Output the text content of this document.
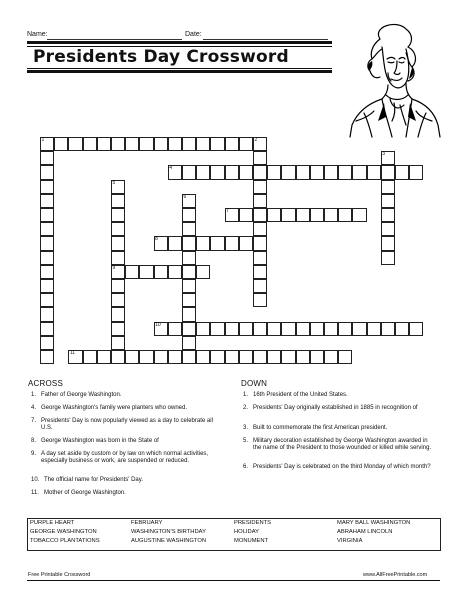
Name:	Date:
Presidents Day Crossword
1	2
3
4
5
6
7
8
9
10
11
ACROSS
1. Father of George Washington.
4. George Washington's family were planters who owned.
7. Presidents' Day is now popularly viewed as a day to celebrate all U.S.
8. George Washington was born in the State of
9. A day set aside by custom or by law on which normal activities, especially business or work, are suspended or reduced.
10. The official name for Presidents' Day.
11. Mother of George Washington.
DOWN
1. 16th President of the United States.
2. Presidents' Day originally established in 1885 in recognition of
3. Built to commemorate the first American president.
5. Military decoration established by George Washington awarded in the name of the President to those wounded or killed while serving.
6. Presidents' Day is celebrated on the third Monday of which month?
PURPLE HEART
GEORGE WASHINGTON
TOBACCO PLANTATIONS
FEBRUARY
WASHINGTON'S BIRTHDAY
AUGUSTINE WASHINGTON
PRESIDENTS
HOLIDAY
MONUMENT
MARY BALL WASHINGTON
ABRAHAM LINCOLN
VIRGINIA
Free Printable Crossword	www.AllFreePrintable.com
